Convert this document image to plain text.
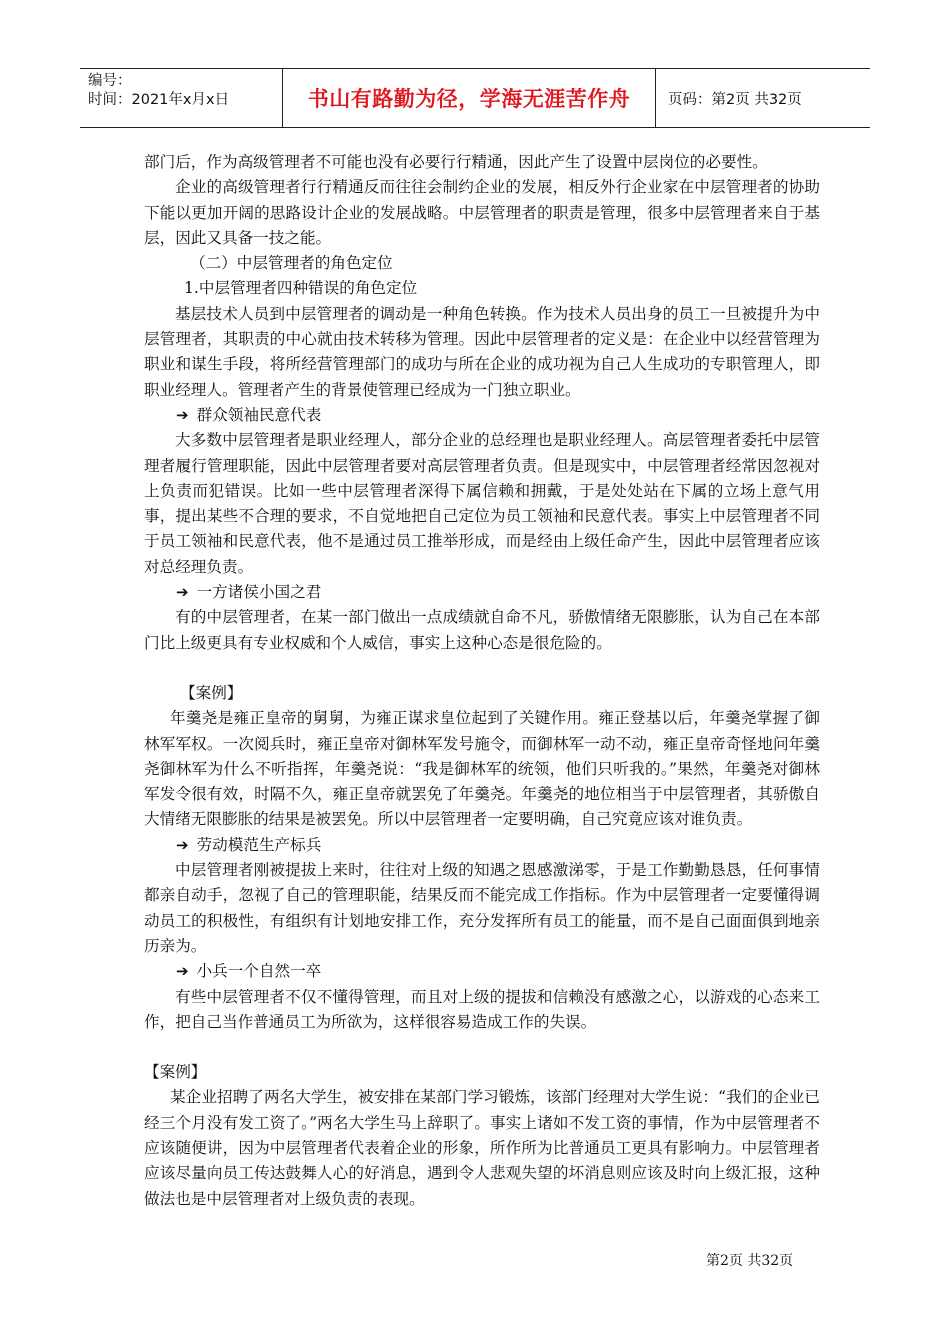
编号：
时间：2021年x月x日	书山有路勤为径，学海无涯苦作舟	页码：第2页 共32页

部门后，作为高级管理者不可能也没有必要行行精通，因此产生了设置中层岗位的必要性。

企业的高级管理者行行精通反而往往会制约企业的发展，相反外行企业家在中层管理者的协助下能以更加开阔的思路设计企业的发展战略。中层管理者的职责是管理，很多中层管理者来自于基层，因此又具备一技之能。

（二）中层管理者的角色定位

1.中层管理者四种错误的角色定位

基层技术人员到中层管理者的调动是一种角色转换。作为技术人员出身的员工一旦被提升为中层管理者，其职责的中心就由技术转移为管理。因此中层管理者的定义是：在企业中以经营管理为职业和谋生手段，将所经营管理部门的成功与所在企业的成功视为自己人生成功的专职管理人，即职业经理人。管理者产生的背景使管理已经成为一门独立职业。

➔ 群众领袖民意代表

大多数中层管理者是职业经理人，部分企业的总经理也是职业经理人。高层管理者委托中层管理者履行管理职能，因此中层管理者要对高层管理者负责。但是现实中，中层管理者经常因忽视对上负责而犯错误。比如一些中层管理者深得下属信赖和拥戴，于是处处站在下属的立场上意气用事，提出某些不合理的要求，不自觉地把自己定位为员工领袖和民意代表。事实上中层管理者不同于员工领袖和民意代表，他不是通过员工推举形成，而是经由上级任命产生，因此中层管理者应该对总经理负责。

➔ 一方诸侯小国之君

有的中层管理者，在某一部门做出一点成绩就自命不凡，骄傲情绪无限膨胀，认为自己在本部门比上级更具有专业权威和个人威信，事实上这种心态是很危险的。

【案例】

年羹尧是雍正皇帝的舅舅，为雍正谋求皇位起到了关键作用。雍正登基以后，年羹尧掌握了御林军军权。一次阅兵时，雍正皇帝对御林军发号施令，而御林军一动不动，雍正皇帝奇怪地问年羹尧御林军为什么不听指挥，年羹尧说：“我是御林军的统领，他们只听我的。”果然，年羹尧对御林军发令很有效，时隔不久，雍正皇帝就罢免了年羹尧。年羹尧的地位相当于中层管理者，其骄傲自大情绪无限膨胀的结果是被罢免。所以中层管理者一定要明确，自己究竟应该对谁负责。

➔ 劳动模范生产标兵

中层管理者刚被提拔上来时，往往对上级的知遇之恩感激涕零，于是工作勤勤恳恳，任何事情都亲自动手，忽视了自己的管理职能，结果反而不能完成工作指标。作为中层管理者一定要懂得调动员工的积极性，有组织有计划地安排工作，充分发挥所有员工的能量，而不是自己面面俱到地亲历亲为。

➔ 小兵一个自然一卒

有些中层管理者不仅不懂得管理，而且对上级的提拔和信赖没有感激之心，以游戏的心态来工作，把自己当作普通员工为所欲为，这样很容易造成工作的失误。

【案例】

某企业招聘了两名大学生，被安排在某部门学习锻炼，该部门经理对大学生说：“我们的企业已经三个月没有发工资了。”两名大学生马上辞职了。事实上诸如不发工资的事情，作为中层管理者不应该随便讲，因为中层管理者代表着企业的形象，所作所为比普通员工更具有影响力。中层管理者应该尽量向员工传达鼓舞人心的好消息，遇到令人悲观失望的坏消息则应该及时向上级汇报，这种做法也是中层管理者对上级负责的表现。

第2页 共32页
